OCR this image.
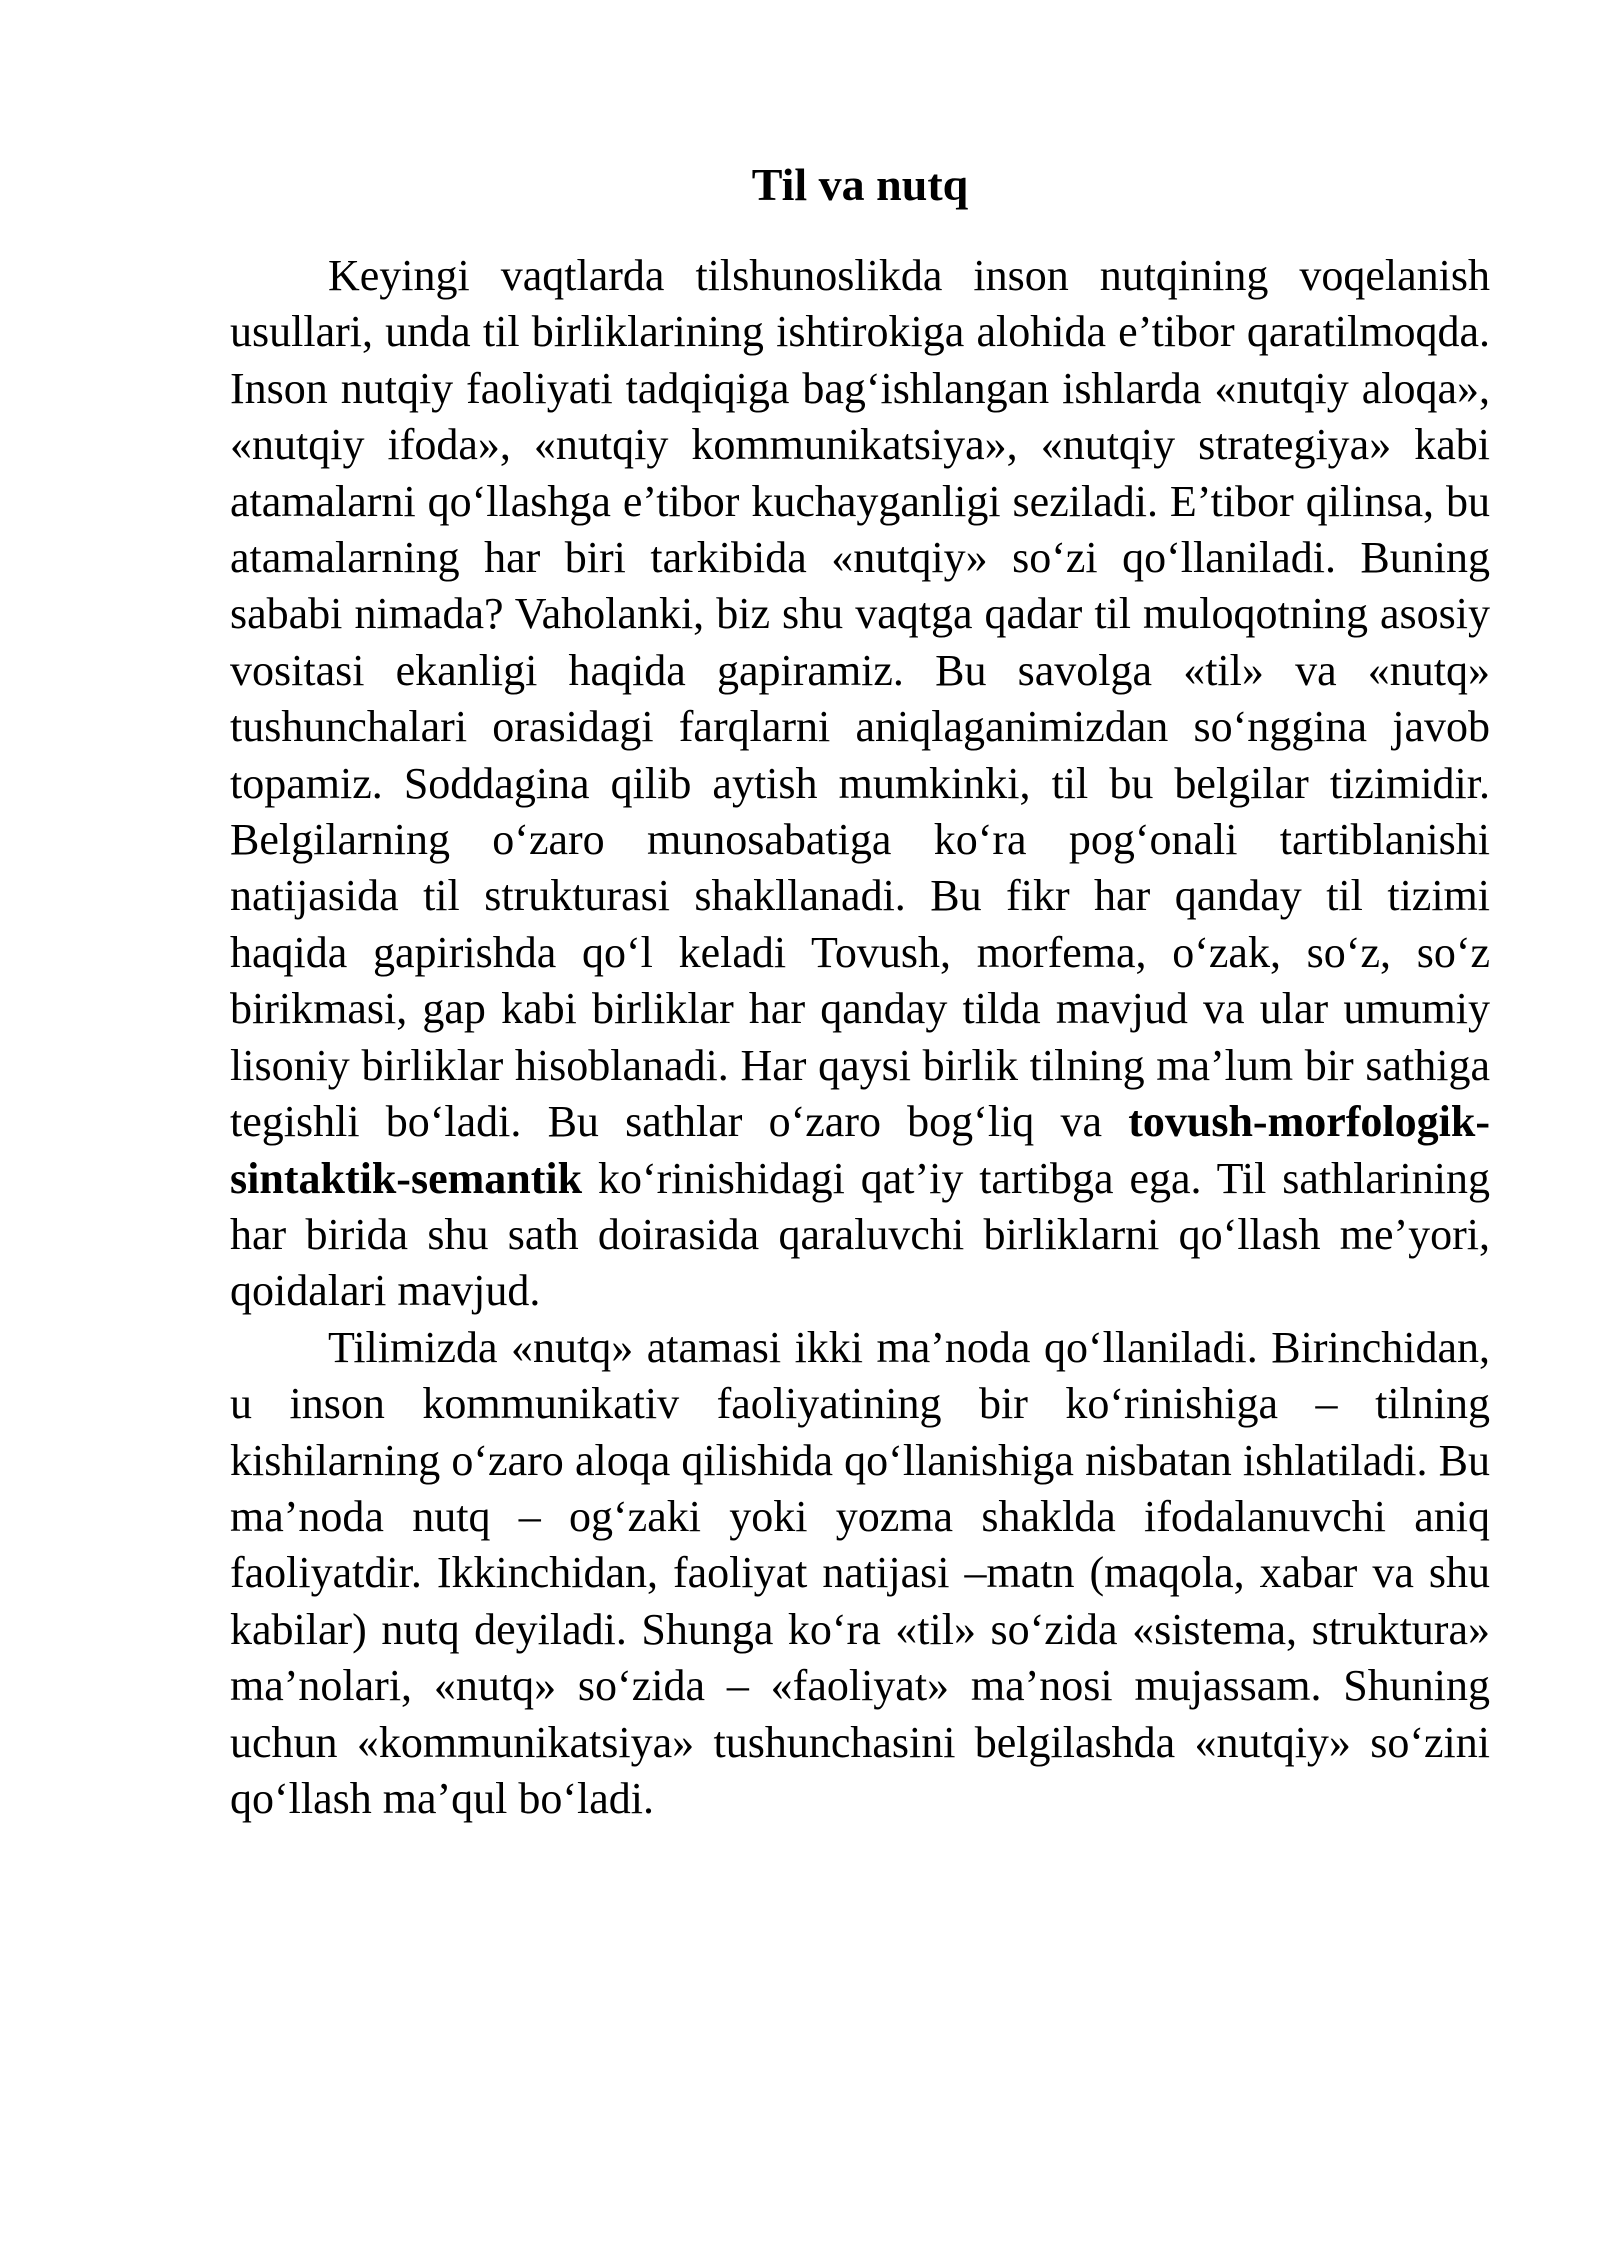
Til va nutq

Keyingi vaqtlarda tilshunoslikda inson nutqining voqelanish usullari, unda til birliklarining ishtirokiga alohida e’tibor qaratilmoqda. Inson nutqiy faoliyati tadqiqiga bag‘ishlangan ishlarda «nutqiy aloqa», «nutqiy ifoda», «nutqiy kommunikatsiya», «nutqiy strategiya» kabi atamalarni qo‘llashga e’tibor kuchayganligi seziladi. E’tibor qilinsa, bu atamalarning har biri tarkibida «nutqiy» so‘zi qo‘llaniladi. Buning sababi nimada? Vaholanki, biz shu vaqtga qadar til muloqotning asosiy vositasi ekanligi haqida gapiramiz. Bu savolga «til» va «nutq» tushunchalari orasidagi farqlarni aniqlaganimizdan so‘nggina javob topamiz. Soddagina qilib aytish mumkinki, til bu belgilar tizimidir. Belgilarning o‘zaro munosabatiga ko‘ra pog‘onali tartiblanishi natijasida til strukturasi shakllanadi. Bu fikr har qanday til tizimi haqida gapirishda qo‘l keladi Tovush, morfema, o‘zak, so‘z, so‘z birikmasi, gap kabi birliklar har qanday tilda mavjud va ular umumiy lisoniy birliklar hisoblanadi. Har qaysi birlik tilning ma’lum bir sathiga tegishli bo‘ladi. Bu sathlar o‘zaro bog‘liq va tovush-morfologik-sintaktik-semantik ko‘rinishidagi qat’iy tartibga ega. Til sathlarining har birida shu sath doirasida qaraluvchi birliklarni qo‘llash me’yori, qoidalari mavjud.

Tilimizda «nutq» atamasi ikki ma’noda qo‘llaniladi. Birinchidan, u inson kommunikativ faoliyatining bir ko‘rinishiga – tilning kishilarning o‘zaro aloqa qilishida qo‘llanishiga nisbatan ishlatiladi. Bu ma’noda nutq – og‘zaki yoki yozma shaklda ifodalanuvchi aniq faoliyatdir. Ikkinchidan, faoliyat natijasi –matn (maqola, xabar va shu kabilar) nutq deyiladi. Shunga ko‘ra «til» so‘zida «sistema, struktura» ma’nolari, «nutq» so‘zida – «faoliyat» ma’nosi mujassam. Shuning uchun «kommunikatsiya» tushunchasini belgilashda «nutqiy» so‘zini qo‘llash ma’qul bo‘ladi.
